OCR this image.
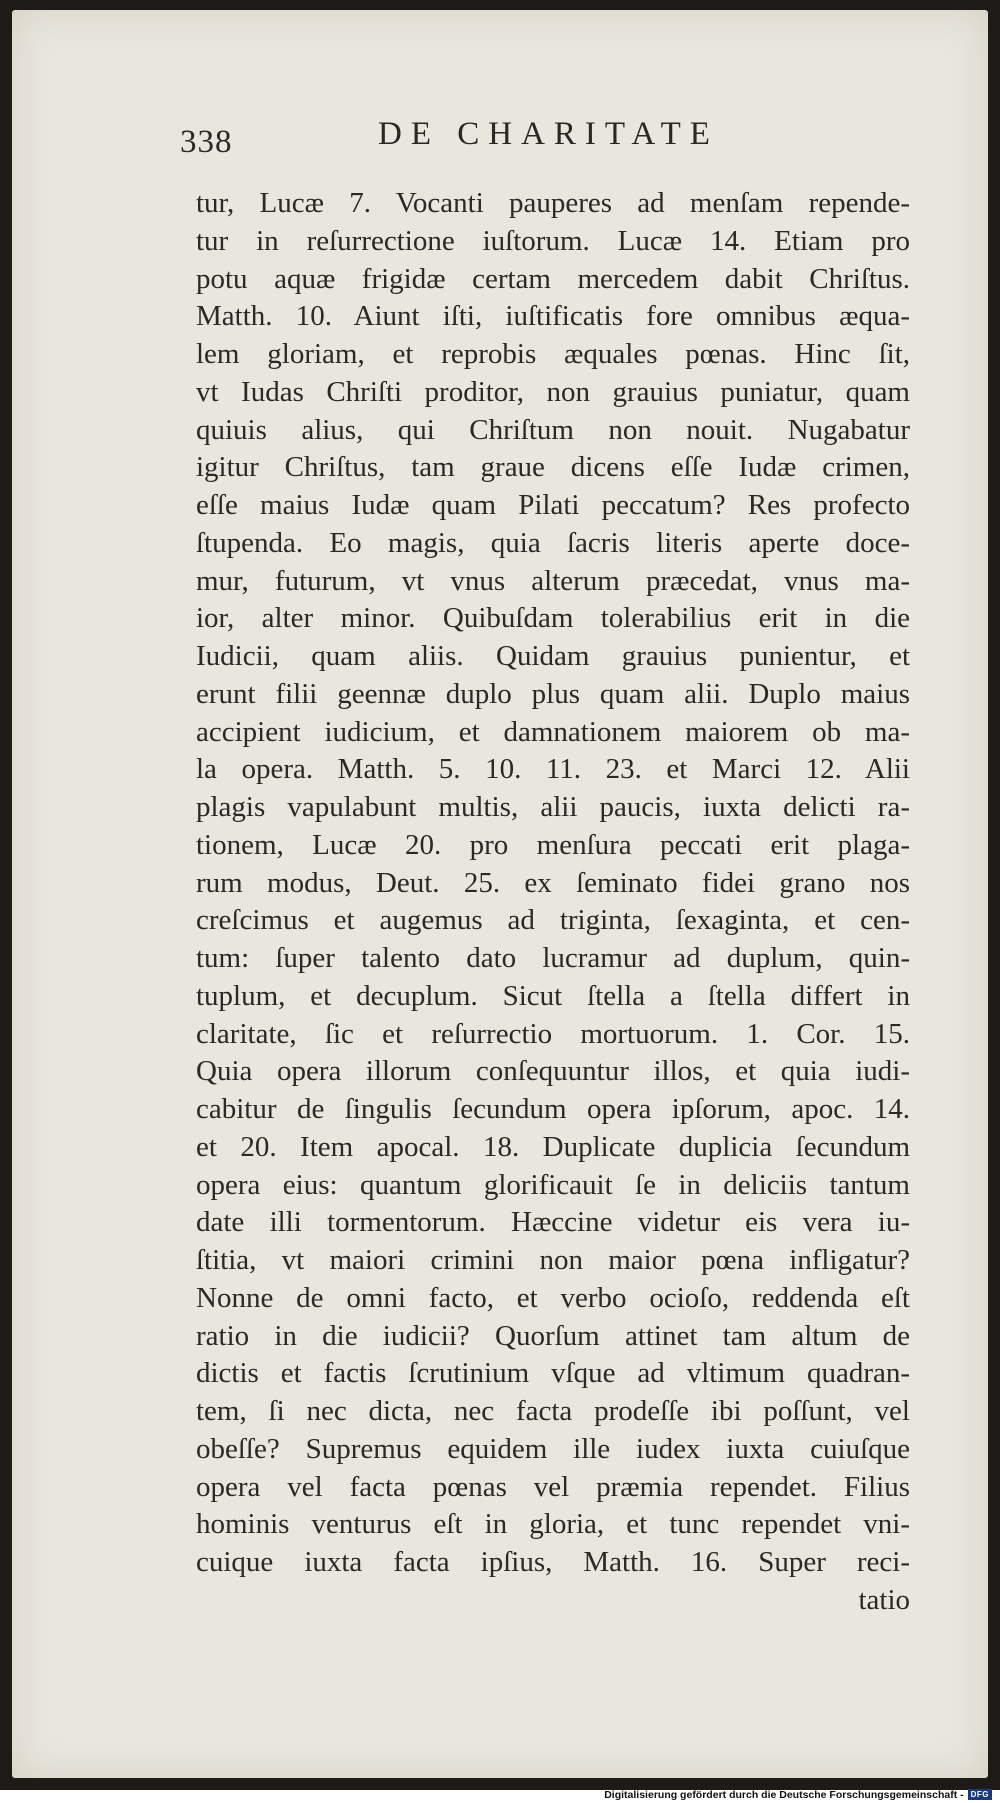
338	DE CHARITATE
tur, Lucæ 7. Vocanti pauperes ad menſam repende-
tur in reſurrectione iuſtorum. Lucæ 14. Etiam pro
potu aquæ frigidæ certam mercedem dabit Chriſtus.
Matth. 10. Aiunt iſti, iuſtificatis fore omnibus æqua-
lem gloriam, et reprobis æquales pœnas. Hinc ſit,
vt Iudas Chriſti proditor, non grauius puniatur, quam
quiuis alius, qui Chriſtum non nouit. Nugabatur
igitur Chriſtus, tam graue dicens eſſe Iudæ crimen,
eſſe maius Iudæ quam Pilati peccatum? Res profecto
ſtupenda. Eo magis, quia ſacris literis aperte doce-
mur, futurum, vt vnus alterum præcedat, vnus ma-
ior, alter minor. Quibuſdam tolerabilius erit in die
Iudicii, quam aliis. Quidam grauius punientur, et
erunt filii geennæ duplo plus quam alii. Duplo maius
accipient iudicium, et damnationem maiorem ob ma-
la opera. Matth. 5. 10. 11. 23. et Marci 12. Alii
plagis vapulabunt multis, alii paucis, iuxta delicti ra-
tionem, Lucæ 20. pro menſura peccati erit plaga-
rum modus, Deut. 25. ex ſeminato fidei grano nos
creſcimus et augemus ad triginta, ſexaginta, et cen-
tum: ſuper talento dato lucramur ad duplum, quin-
tuplum, et decuplum. Sicut ſtella a ſtella differt in
claritate, ſic et reſurrectio mortuorum. 1. Cor. 15.
Quia opera illorum conſequuntur illos, et quia iudi-
cabitur de ſingulis ſecundum opera ipſorum, apoc. 14.
et 20. Item apocal. 18. Duplicate duplicia ſecundum
opera eius: quantum glorificauit ſe in deliciis tantum
date illi tormentorum. Hæccine videtur eis vera iu-
ſtitia, vt maiori crimini non maior pœna infligatur?
Nonne de omni facto, et verbo ocioſo, reddenda eſt
ratio in die iudicii? Quorſum attinet tam altum de
dictis et factis ſcrutinium vſque ad vltimum quadran-
tem, ſi nec dicta, nec facta prodeſſe ibi poſſunt, vel
obeſſe? Supremus equidem ille iudex iuxta cuiuſque
opera vel facta pœnas vel præmia rependet. Filius
hominis venturus eſt in gloria, et tunc rependet vni-
cuique iuxta facta ipſius, Matth. 16. Super reci-
tatio
Digitalisierung gefördert durch die Deutsche Forschungsgemeinschaft - DFG
